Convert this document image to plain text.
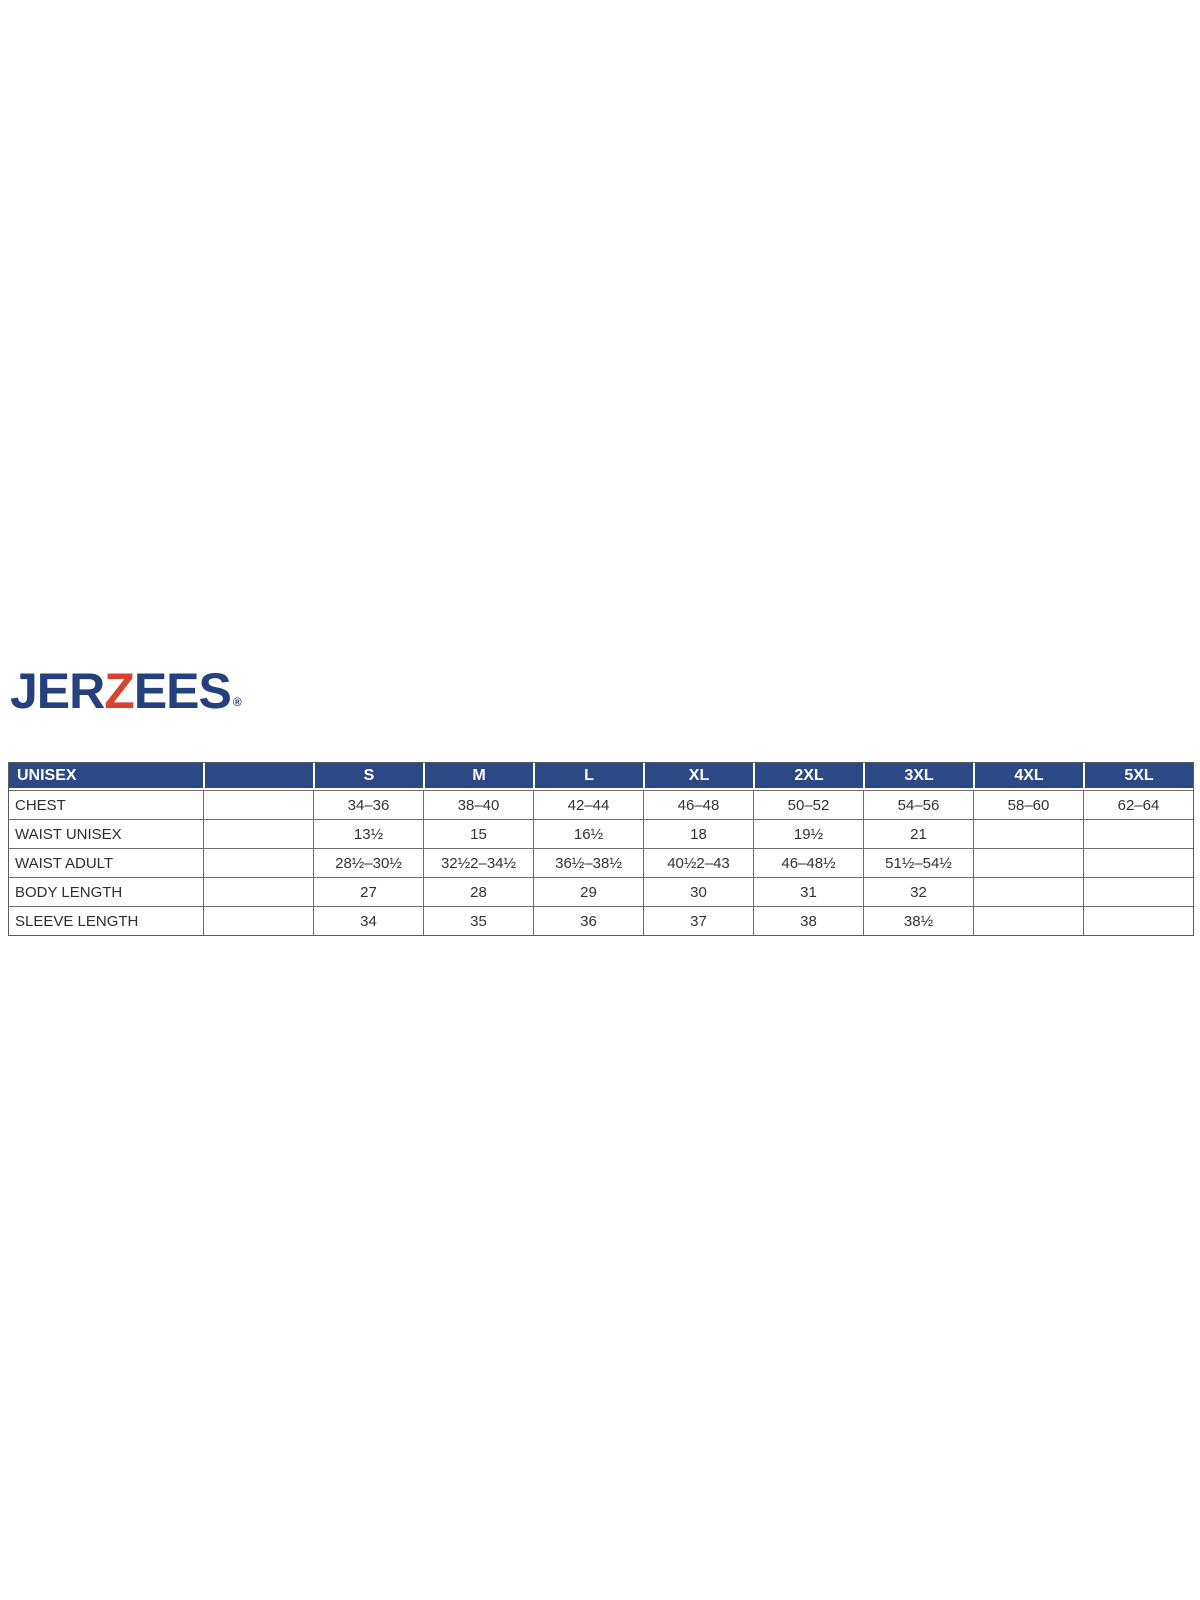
JERZEES ®
UNISEX		S	M	L	XL	2XL	3XL	4XL	5XL
CHEST		34–36	38–40	42–44	46–48	50–52	54–56	58–60	62–64
WAIST UNISEX		13½	15	16½	18	19½	21		
WAIST ADULT		28½–30½	32½2–34½	36½–38½	40½2–43	46–48½	51½–54½		
BODY LENGTH		27	28	29	30	31	32		
SLEEVE LENGTH		34	35	36	37	38	38½		
